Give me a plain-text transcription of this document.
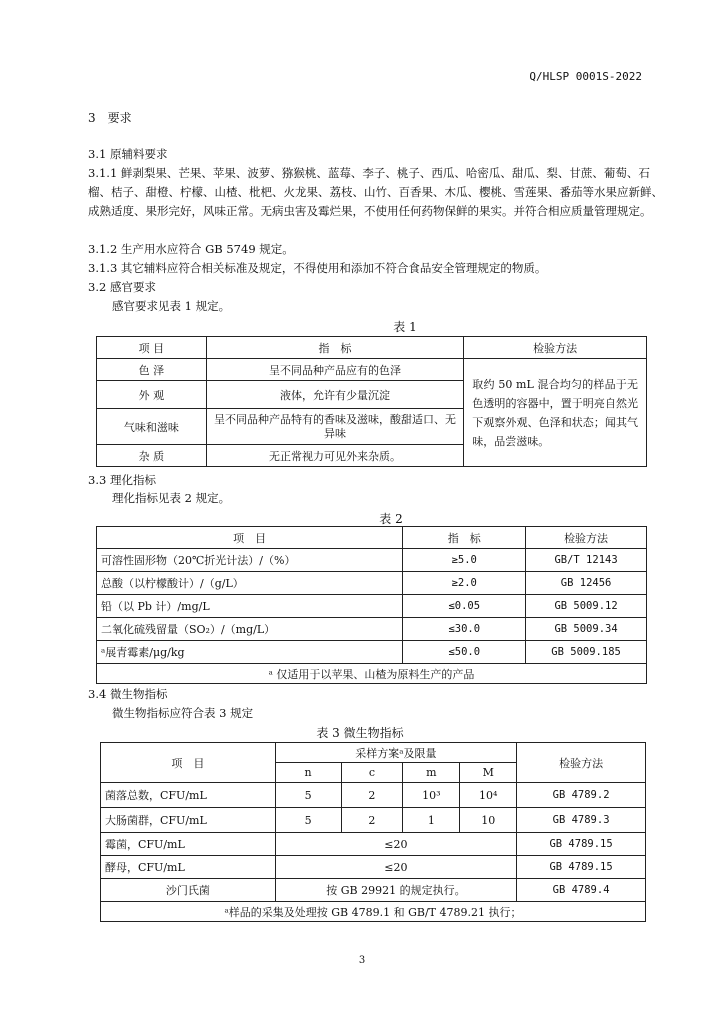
Q/HLSP 0001S-2022
3　要求
3.1 原辅料要求
3.1.1 鲜剥梨果、芒果、苹果、波萝、猕猴桃、蓝莓、李子、桃子、西瓜、哈密瓜、甜瓜、梨、甘蔗、葡萄、石榴、桔子、甜橙、柠檬、山楂、枇杷、火龙果、荔枝、山竹、百香果、木瓜、樱桃、雪莲果、番茄等水果应新鲜、成熟适度、果形完好，风味正常。无病虫害及霉烂果，不使用任何药物保鲜的果实。并符合相应质量管理规定。
3.1.2 生产用水应符合 GB 5749 规定。
3.1.3 其它辅料应符合相关标准及规定，不得使用和添加不符合食品安全管理规定的物质。
3.2 感官要求
感官要求见表 1 规定。
表 1
项 目	指　标	检验方法
色 泽	呈不同品种产品应有的色泽	取约 50 mL 混合均匀的样品于无色透明的容器中，置于明亮自然光下观察外观、色泽和状态；闻其气味，品尝滋味。
外 观	液体，允许有少量沉淀	
气味和滋味	呈不同品种产品特有的香味及滋味，酸甜适口、无异味	
杂 质	无正常视力可见外来杂质。	
3.3 理化指标
理化指标见表 2 规定。
表 2
项　目	指　标	检验方法
可溶性固形物（20℃折光计法）/（%）	≥5.0	GB/T 12143
总酸（以柠檬酸计）/（g/L）	≥2.0	GB 12456
铅（以 Pb 计）/mg/L	≤0.05	GB 5009.12
二氧化硫残留量（SO₂）/（mg/L）	≤30.0	GB 5009.34
ᵃ展青霉素/μg/kg	≤50.0	GB 5009.185
ᵃ 仅适用于以苹果、山楂为原料生产的产品		
3.4 微生物指标
微生物指标应符合表 3 规定
表 3 微生物指标
项　目	采样方案ᵃ及限量				检验方法
	n	c	m	M	
菌落总数，CFU/mL	5	2	10³	10⁴	GB 4789.2
大肠菌群，CFU/mL	5	2	1	10	GB 4789.3
霉菌，CFU/mL	≤20				GB 4789.15
酵母，CFU/mL	≤20				GB 4789.15
沙门氏菌	按 GB 29921 的规定执行。				GB 4789.4
ᵃ样品的采集及处理按 GB 4789.1 和 GB/T 4789.21 执行；					
3
